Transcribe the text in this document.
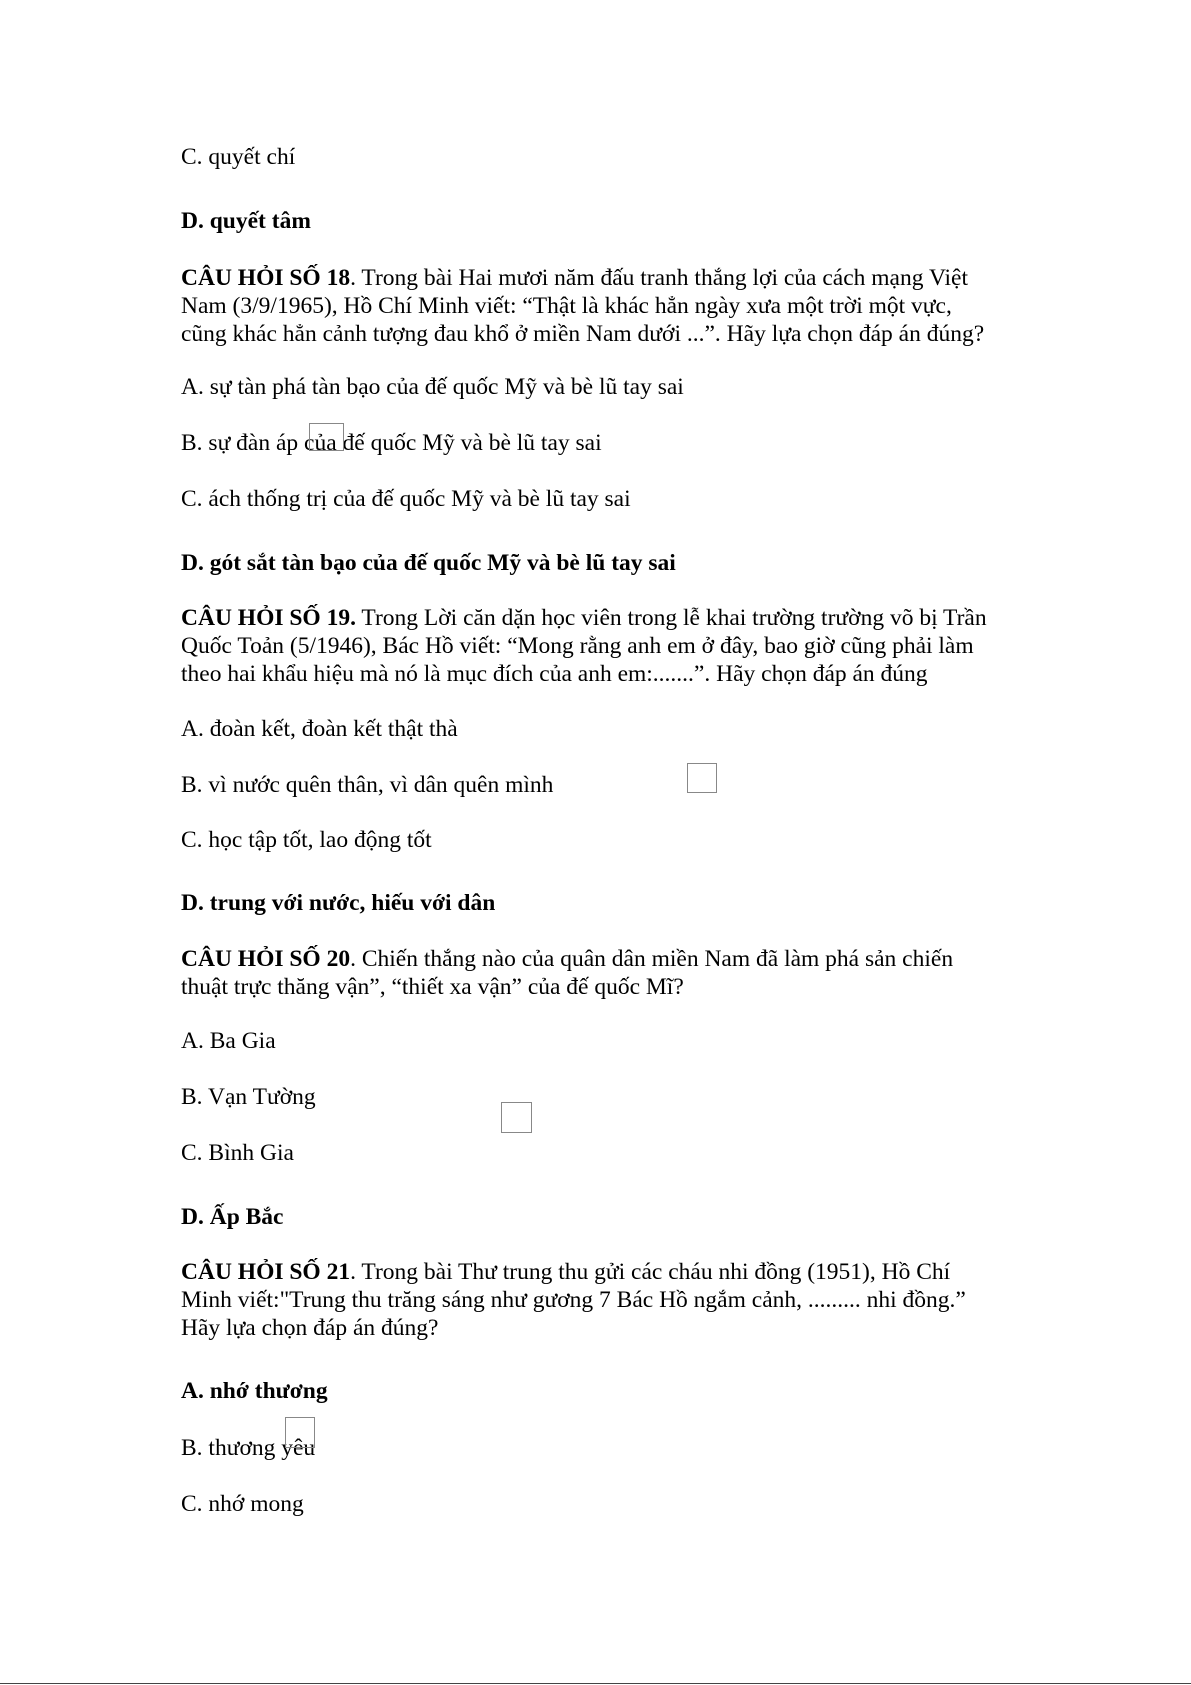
C. quyết chí

D. quyết tâm

CÂU HỎI SỐ 18. Trong bài Hai mươi năm đấu tranh thắng lợi của cách mạng Việt

Nam (3/9/1965), Hồ Chí Minh viết: “Thật là khác hẳn ngày xưa một trời một vực,

cũng khác hẳn cảnh tượng đau khổ ở miền Nam dưới ...”. Hãy lựa chọn đáp án đúng?

A. sự tàn phá tàn bạo của đế quốc Mỹ và bè lũ tay sai

B. sự đàn áp của đế quốc Mỹ và bè lũ tay sai

C. ách thống trị của đế quốc Mỹ và bè lũ tay sai

D. gót sắt tàn bạo của đế quốc Mỹ và bè lũ tay sai

CÂU HỎI SỐ 19. Trong Lời căn dặn học viên trong lễ khai trường trường võ bị Trần

Quốc Toản (5/1946), Bác Hồ viết: “Mong rằng anh em ở đây, bao giờ cũng phải làm

theo hai khẩu hiệu mà nó là mục đích của anh em:.......”. Hãy chọn đáp án đúng

A. đoàn kết, đoàn kết thật thà

B. vì nước quên thân, vì dân quên mình

C. học tập tốt, lao động tốt

D. trung với nước, hiếu với dân

CÂU HỎI SỐ 20. Chiến thắng nào của quân dân miền Nam đã làm phá sản chiến

thuật trực thăng vận”, “thiết xa vận” của đế quốc Mĩ?

A. Ba Gia

B. Vạn Tường

C. Bình Gia

D. Ấp Bắc

CÂU HỎI SỐ 21. Trong bài Thư trung thu gửi các cháu nhi đồng (1951), Hồ Chí

Minh viết:"Trung thu trăng sáng như gương 7 Bác Hồ ngắm cảnh, ......... nhi đồng.”

Hãy lựa chọn đáp án đúng?

A. nhớ thương

B. thương yêu

C. nhớ mong
